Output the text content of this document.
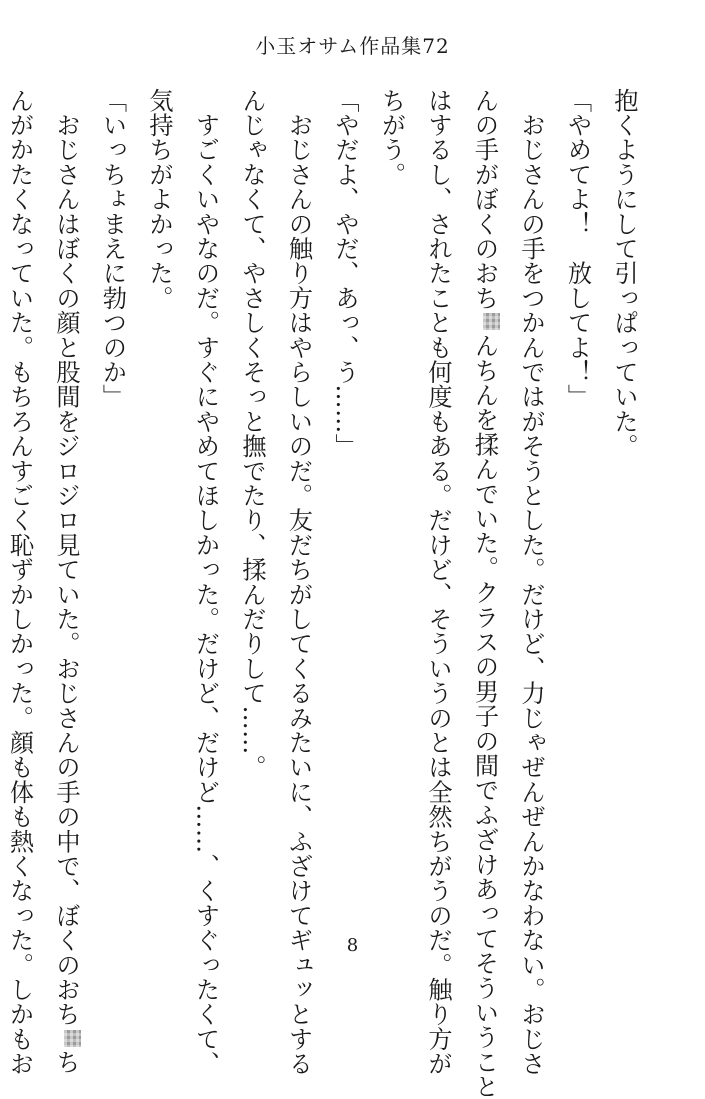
小玉オサム作品集72

抱くようにして引っぱっていた。

「やめてよ！　放してよ！」

　おじさんの手をつかんではがそうとした。だけど、力じゃぜんぜんかなわない。おじさ

んの手がぼくのおちんちんを揉んでいた。クラスの男子の間でふざけあってそういうこと

はするし、されたことも何度もある。だけど、そういうのとは全然ちがうのだ。触り方が

ちがう。

「やだよ、やだ、あっ、う……」

　おじさんの触り方はやらしいのだ。友だちがしてくるみたいに、ふざけてギュッとする

んじゃなくて、やさしくそっと撫でたり、揉んだりして……。

　すごくいやなのだ。すぐにやめてほしかった。だけど、だけど……、くすぐったくて、

気持ちがよかった。

「いっちょまえに勃つのか」

　おじさんはぼくの顔と股間をジロジロ見ていた。おじさんの手の中で、ぼくのおちち

んがかたくなっていた。もちろんすごく恥ずかしかった。顔も体も熱くなった。しかもお	8
